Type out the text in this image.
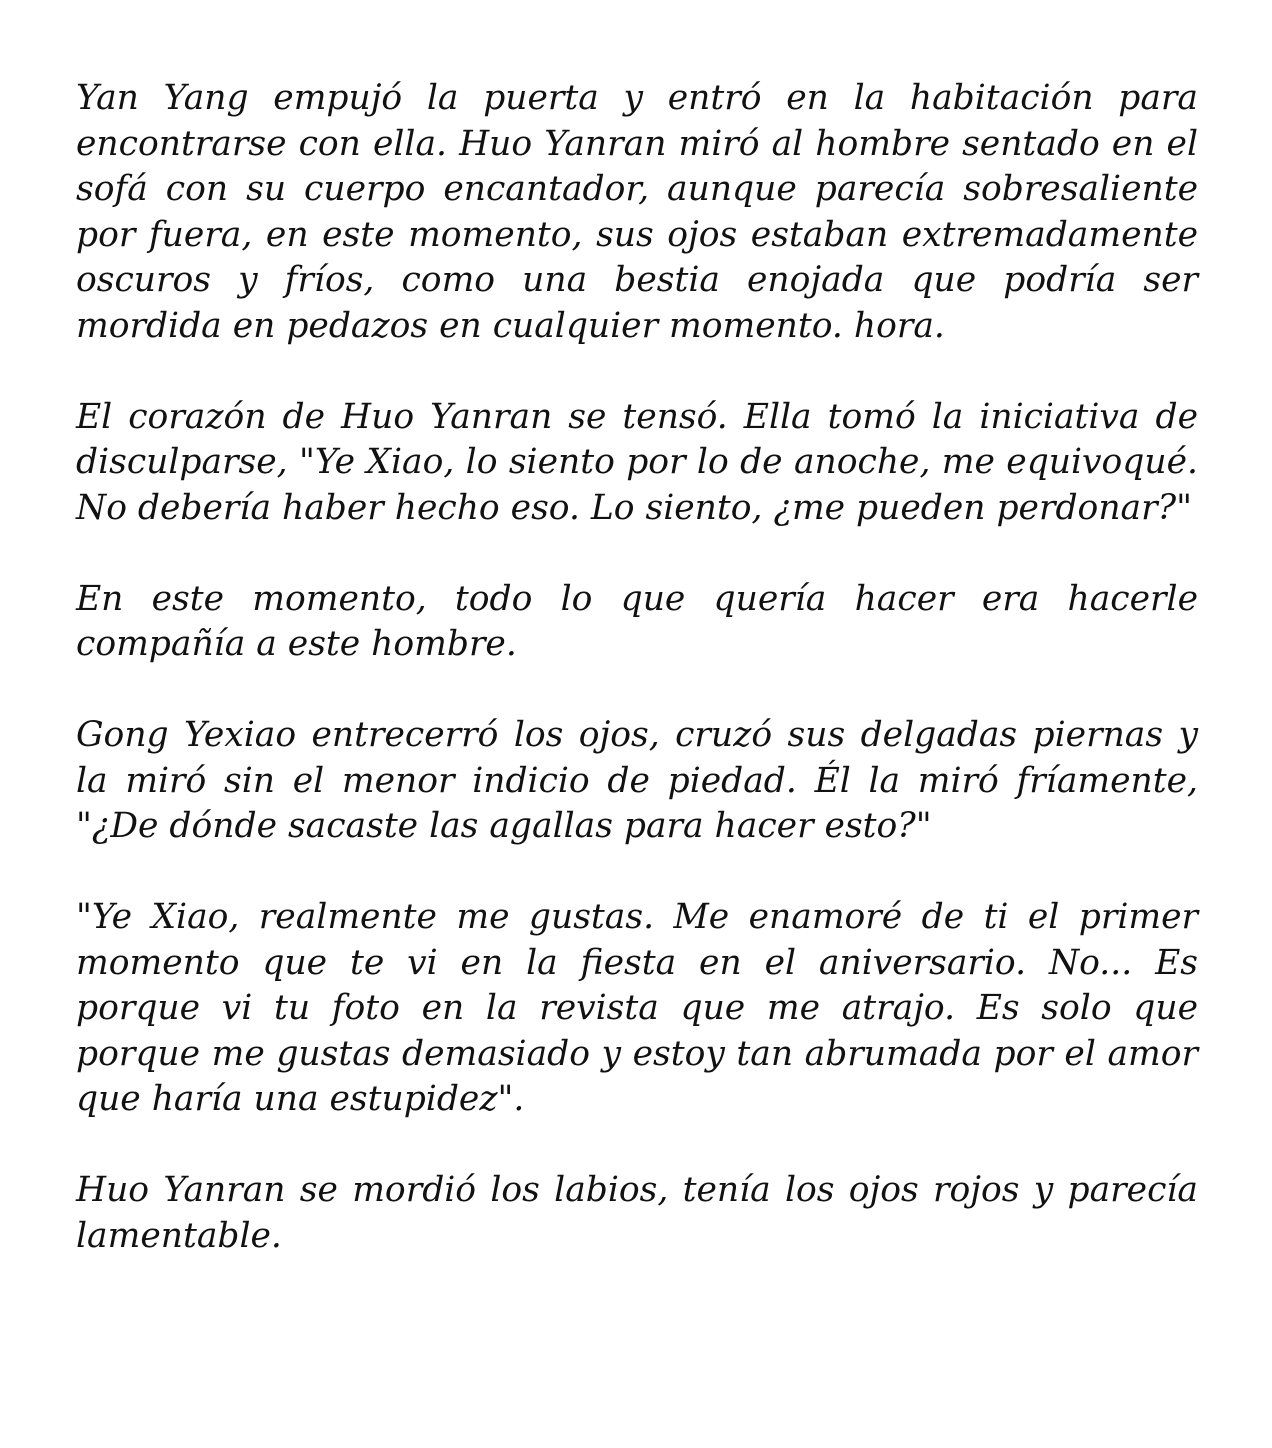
Yan Yang empujó la puerta y entró en la habitación para encontrarse con ella. Huo Yanran miró al hombre sentado en el sofá con su cuerpo encantador, aunque parecía sobresaliente por fuera, en este momento, sus ojos estaban extremadamente oscuros y fríos, como una bestia enojada que podría ser mordida en pedazos en cualquier momento. hora.

El corazón de Huo Yanran se tensó. Ella tomó la iniciativa de disculparse, "Ye Xiao, lo siento por lo de anoche, me equivoqué. No debería haber hecho eso. Lo siento, ¿me pueden perdonar?"

En este momento, todo lo que quería hacer era hacerle compañía a este hombre.

Gong Yexiao entrecerró los ojos, cruzó sus delgadas piernas y la miró sin el menor indicio de piedad. Él la miró fríamente, "¿De dónde sacaste las agallas para hacer esto?"

"Ye Xiao, realmente me gustas. Me enamoré de ti el primer momento que te vi en la fiesta en el aniversario. No... Es porque vi tu foto en la revista que me atrajo. Es solo que porque me gustas demasiado y estoy tan abrumada por el amor que haría una estupidez".

Huo Yanran se mordió los labios, tenía los ojos rojos y parecía lamentable.
